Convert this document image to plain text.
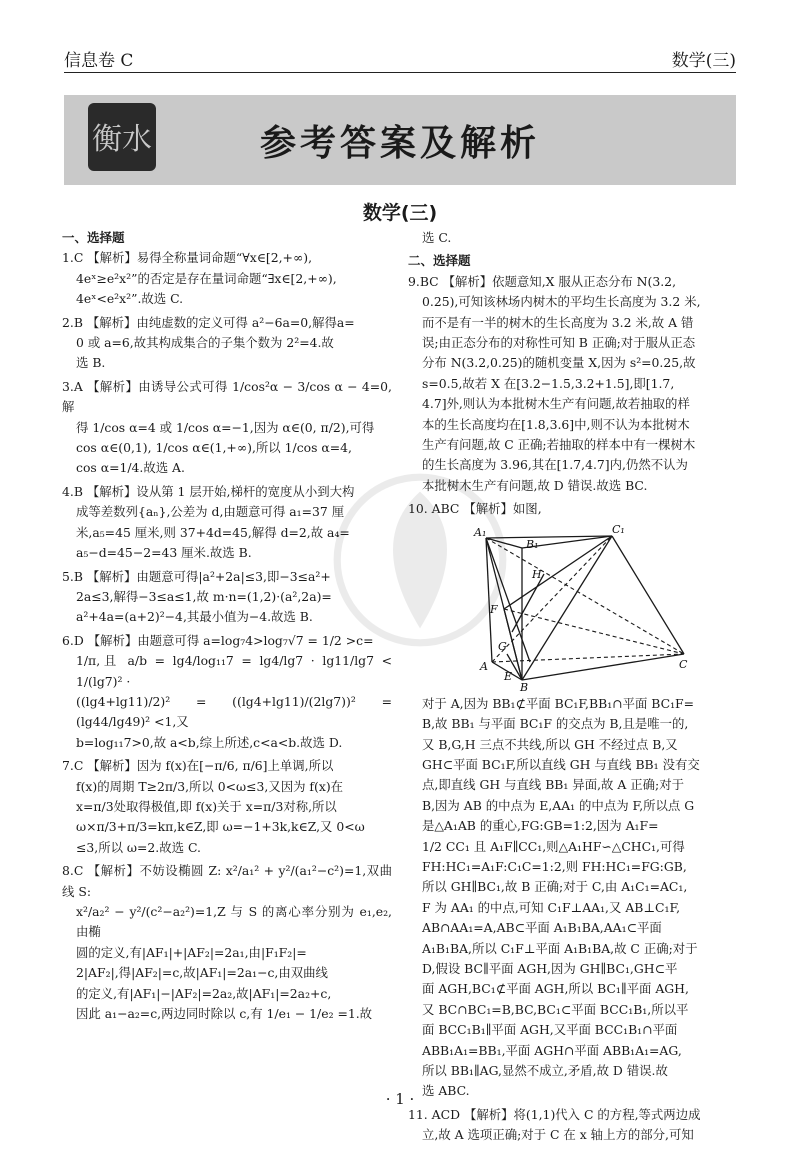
信息卷 C	数学(三)
衡水	参考答案及解析
数学(三)

一、选择题

1.C 【解析】易得全称量词命题“∀x∈[2,+∞),

4eˣ≥e²x²”的否定是存在量词命题“∃x∈[2,+∞),

4eˣ<e²x²”.故选 C.

2.B 【解析】由纯虚数的定义可得 a²−6a=0,解得a=

0 或 a=6,故其构成集合的子集个数为 2²=4.故

选 B.

3.A 【解析】由诱导公式可得 1/cos²α − 3/cos α − 4=0,解

得 1/cos α=4 或 1/cos α=−1,因为 α∈(0, π/2),可得

cos α∈(0,1), 1/cos α∈(1,+∞),所以 1/cos α=4,

cos α=1/4.故选 A.

4.B 【解析】设从第 1 层开始,梯杆的宽度从小到大构

成等差数列{aₙ},公差为 d,由题意可得 a₁=37 厘

米,a₅=45 厘米,则 37+4d=45,解得 d=2,故 a₄=

a₅−d=45−2=43 厘米.故选 B.

5.B 【解析】由题意可得|a²+2a|≤3,即−3≤a²+

2a≤3,解得−3≤a≤1,故 m·n=(1,2)·(a²,2a)=

a²+4a=(a+2)²−4,其最小值为−4.故选 B.

6.D 【解析】由题意可得 a=log₇4>log₇√7 = 1/2 >c=

1/π,且 a/b = lg4/log₁₁7 = lg4/lg7 · lg11/lg7 < 1/(lg7)² ·

((lg4+lg11)/2)² = ((lg4+lg11)/(2lg7))² = (lg44/lg49)² <1,又

b=log₁₁7>0,故 a<b,综上所述,c<a<b.故选 D.

7.C 【解析】因为 f(x)在[−π/6, π/6]上单调,所以

f(x)的周期 T≥2π/3,所以 0<ω≤3,又因为 f(x)在

x=π/3处取得极值,即 f(x)关于 x=π/3对称,所以

ω×π/3+π/3=kπ,k∈Z,即 ω=−1+3k,k∈Z,又 0<ω

≤3,所以 ω=2.故选 C.

8.C 【解析】不妨设椭圆 Z: x²/a₁² + y²/(a₁²−c²)=1,双曲线 S:

x²/a₂² − y²/(c²−a₂²)=1,Z 与 S 的离心率分别为 e₁,e₂,由椭

圆的定义,有|AF₁|+|AF₂|=2a₁,由|F₁F₂|=

2|AF₂|,得|AF₂|=c,故|AF₁|=2a₁−c,由双曲线

的定义,有|AF₁|−|AF₂|=2a₂,故|AF₁|=2a₂+c,

因此 a₁−a₂=c,两边同时除以 c,有 1/e₁ − 1/e₂ =1.故

选 C.

二、选择题

9.BC 【解析】依题意知,X 服从正态分布 N(3.2,

0.25),可知该林场内树木的平均生长高度为 3.2 米,

而不是有一半的树木的生长高度为 3.2 米,故 A 错

误;由正态分布的对称性可知 B 正确;对于服从正态

分布 N(3.2,0.25)的随机变量 X,因为 s²=0.25,故

s=0.5,故若 X 在[3.2−1.5,3.2+1.5],即[1.7,

4.7]外,则认为本批树木生产有问题,故若抽取的样

本的生长高度均在[1.8,3.6]中,则不认为本批树木

生产有问题,故 C 正确;若抽取的样本中有一棵树木

的生长高度为 3.96,其在[1.7,4.7]内,仍然不认为

本批树木生产有问题,故 D 错误.故选 BC.

10. ABC 【解析】如图,

A₁
B₁
C₁
H
F
G
A
E
B
C

对于 A,因为 BB₁⊄平面 BC₁F,BB₁∩平面 BC₁F=

B,故 BB₁ 与平面 BC₁F 的交点为 B,且是唯一的,

又 B,G,H 三点不共线,所以 GH 不经过点 B,又

GH⊂平面 BC₁F,所以直线 GH 与直线 BB₁ 没有交

点,即直线 GH 与直线 BB₁ 异面,故 A 正确;对于

B,因为 AB 的中点为 E,AA₁ 的中点为 F,所以点 G

是△A₁AB 的重心,FG:GB=1:2,因为 A₁F=

1/2 CC₁ 且 A₁F∥CC₁,则△A₁HF∽△CHC₁,可得

FH:HC₁=A₁F:C₁C=1:2,则 FH:HC₁=FG:GB,

所以 GH∥BC₁,故 B 正确;对于 C,由 A₁C₁=AC₁,

F 为 AA₁ 的中点,可知 C₁F⊥AA₁,又 AB⊥C₁F,

AB∩AA₁=A,AB⊂平面 A₁B₁BA,AA₁⊂平面

A₁B₁BA,所以 C₁F⊥平面 A₁B₁BA,故 C 正确;对于

D,假设 BC∥平面 AGH,因为 GH∥BC₁,GH⊂平

面 AGH,BC₁⊄平面 AGH,所以 BC₁∥平面 AGH,

又 BC∩BC₁=B,BC,BC₁⊂平面 BCC₁B₁,所以平

面 BCC₁B₁∥平面 AGH,又平面 BCC₁B₁∩平面

ABB₁A₁=BB₁,平面 AGH∩平面 ABB₁A₁=AG,

所以 BB₁∥AG,显然不成立,矛盾,故 D 错误.故

选 ABC.

11. ACD 【解析】将(1,1)代入 C 的方程,等式两边成

立,故 A 选项正确;对于 C 在 x 轴上方的部分,可知

· 1 ·
